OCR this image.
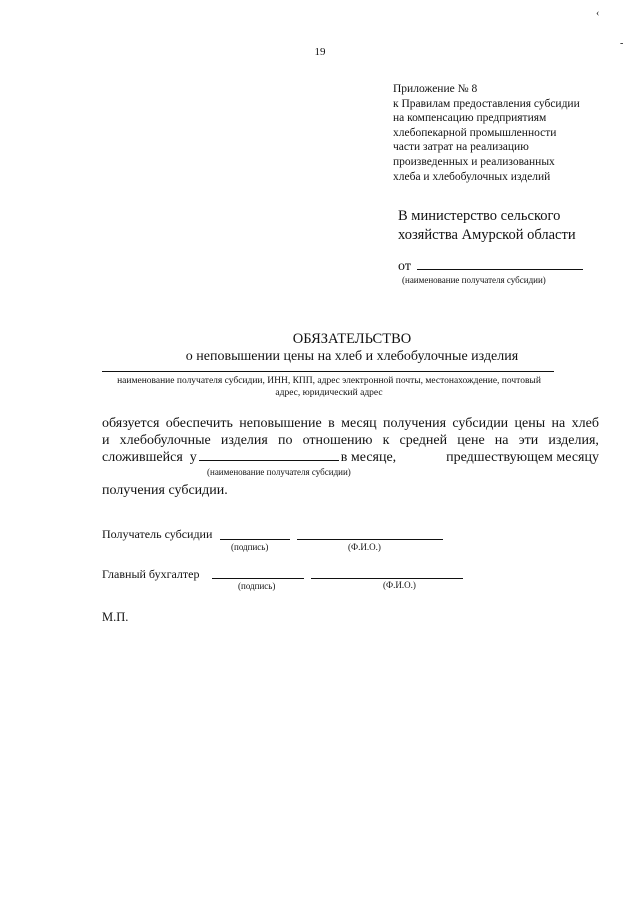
19
‹
-
Приложение № 8
к Правилам предоставления субсидии
на компенсацию предприятиям
хлебопекарной промышленности
части затрат на реализацию
произведенных и реализованных
хлеба и хлебобулочных изделий
В министерство сельского
хозяйства Амурской области
от
(наименование получателя субсидии)
ОБЯЗАТЕЛЬСТВО
о неповышении цены на хлеб и хлебобулочные изделия
наименование получателя субсидии, ИНН, КПП, адрес электронной почты, местонахождение, почтовый
адрес, юридический адрес
обязуется обеспечить неповышение в месяц получения субсидии цены на хлеб
и хлебобулочные изделия по отношению к средней цене на эти изделия,
сложившейся у	в месяце,	предшествующем месяцу
(наименование получателя субсидии)
получения субсидии.
Получатель субсидии
(подпись)	(Ф.И.О.)
Главный бухгалтер
(подпись)	(Ф.И.О.)
М.П.
